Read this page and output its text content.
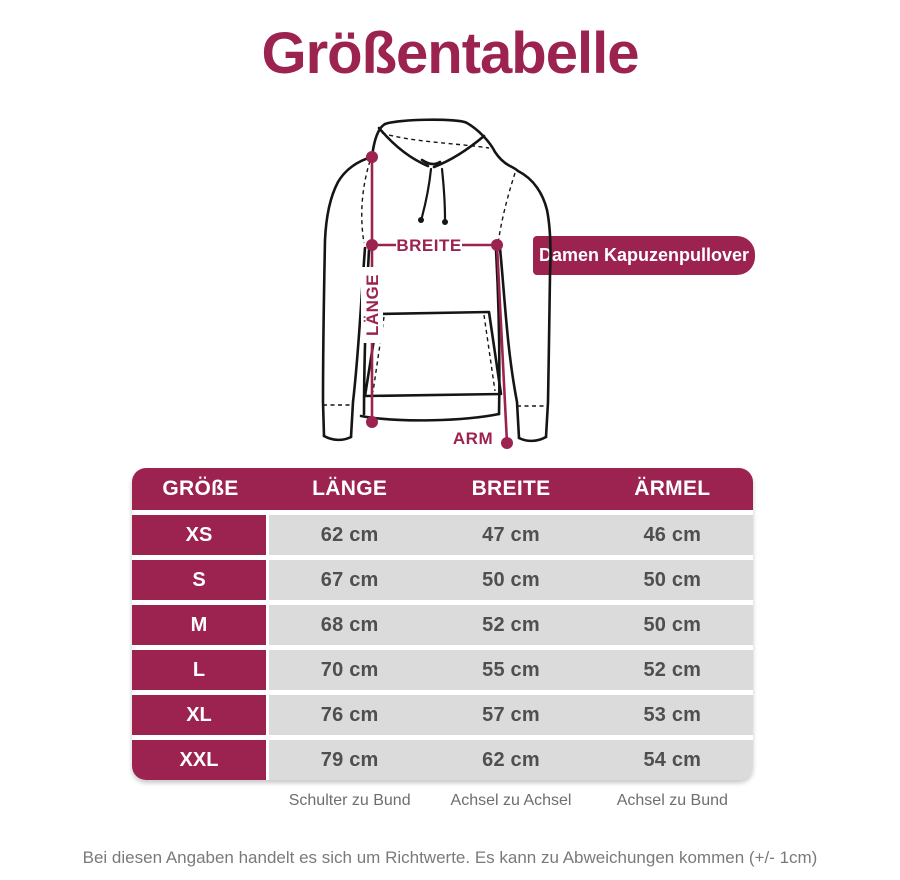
Größentabelle
BREITE
LÄNGE
ARM
Damen Kapuzenpullover
GRÖßE	LÄNGE	BREITE	ÄRMEL
XS	62 cm	47 cm	46 cm
S	67 cm	50 cm	50 cm
M	68 cm	52 cm	50 cm
L	70 cm	55 cm	52 cm
XL	76 cm	57 cm	53 cm
XXL	79 cm	62 cm	54 cm
Schulter zu Bund	Achsel zu Achsel	Achsel zu Bund
Bei diesen Angaben handelt es sich um Richtwerte. Es kann zu Abweichungen kommen (+/- 1cm)
